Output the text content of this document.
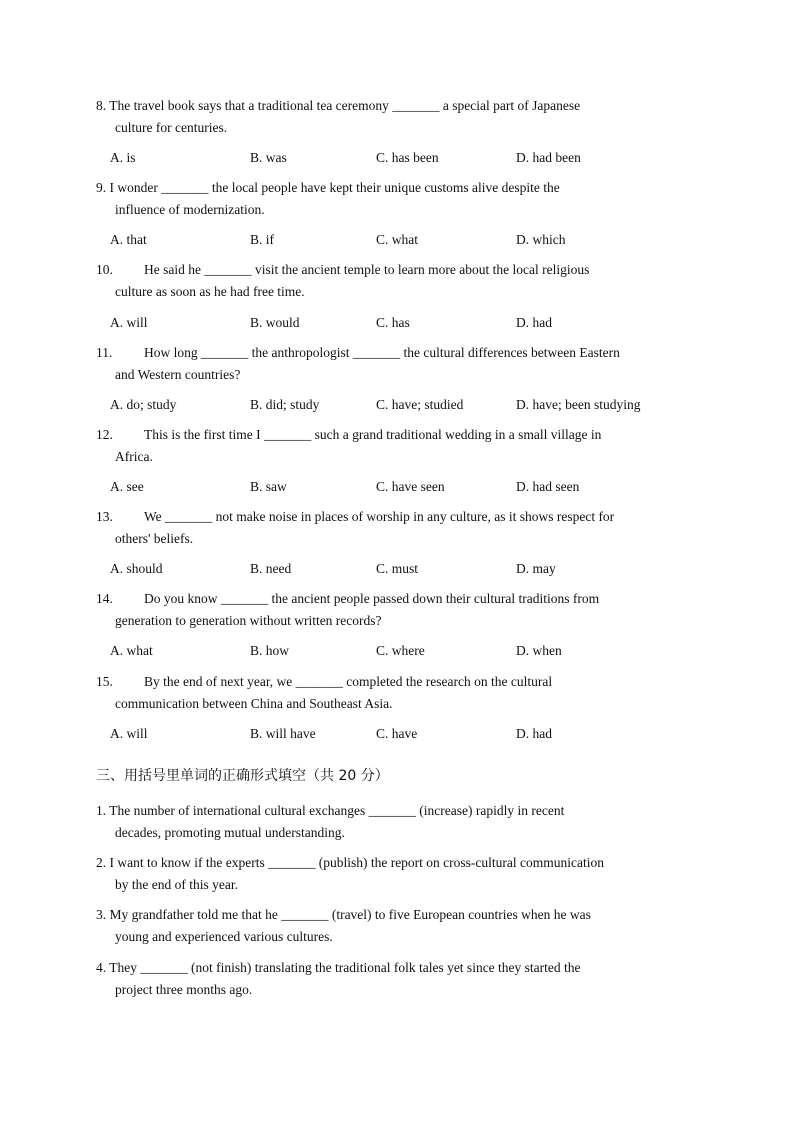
8. The travel book says that a traditional tea ceremony _______ a special part of Japanese
culture for centuries.
A. is	B. was	C. has been	D. had been
9. I wonder _______ the local people have kept their unique customs alive despite the
influence of modernization.
A. that	B. if	C. what	D. which
10. He said he _______ visit the ancient temple to learn more about the local religious
culture as soon as he had free time.
A. will	B. would	C. has	D. had
11. How long _______ the anthropologist _______ the cultural differences between Eastern
and Western countries?
A. do; study	B. did; study	C. have; studied	D. have; been studying
12. This is the first time I _______ such a grand traditional wedding in a small village in
Africa.
A. see	B. saw	C. have seen	D. had seen
13. We _______ not make noise in places of worship in any culture, as it shows respect for
others' beliefs.
A. should	B. need	C. must	D. may
14. Do you know _______ the ancient people passed down their cultural traditions from
generation to generation without written records?
A. what	B. how	C. where	D. when
15. By the end of next year, we _______ completed the research on the cultural
communication between China and Southeast Asia.
A. will	B. will have	C. have	D. had
三、用括号里单词的正确形式填空（共 20 分）
1. The number of international cultural exchanges _______ (increase) rapidly in recent
decades, promoting mutual understanding.
2. I want to know if the experts _______ (publish) the report on cross-cultural communication
by the end of this year.
3. My grandfather told me that he _______ (travel) to five European countries when he was
young and experienced various cultures.
4. They _______ (not finish) translating the traditional folk tales yet since they started the
project three months ago.
